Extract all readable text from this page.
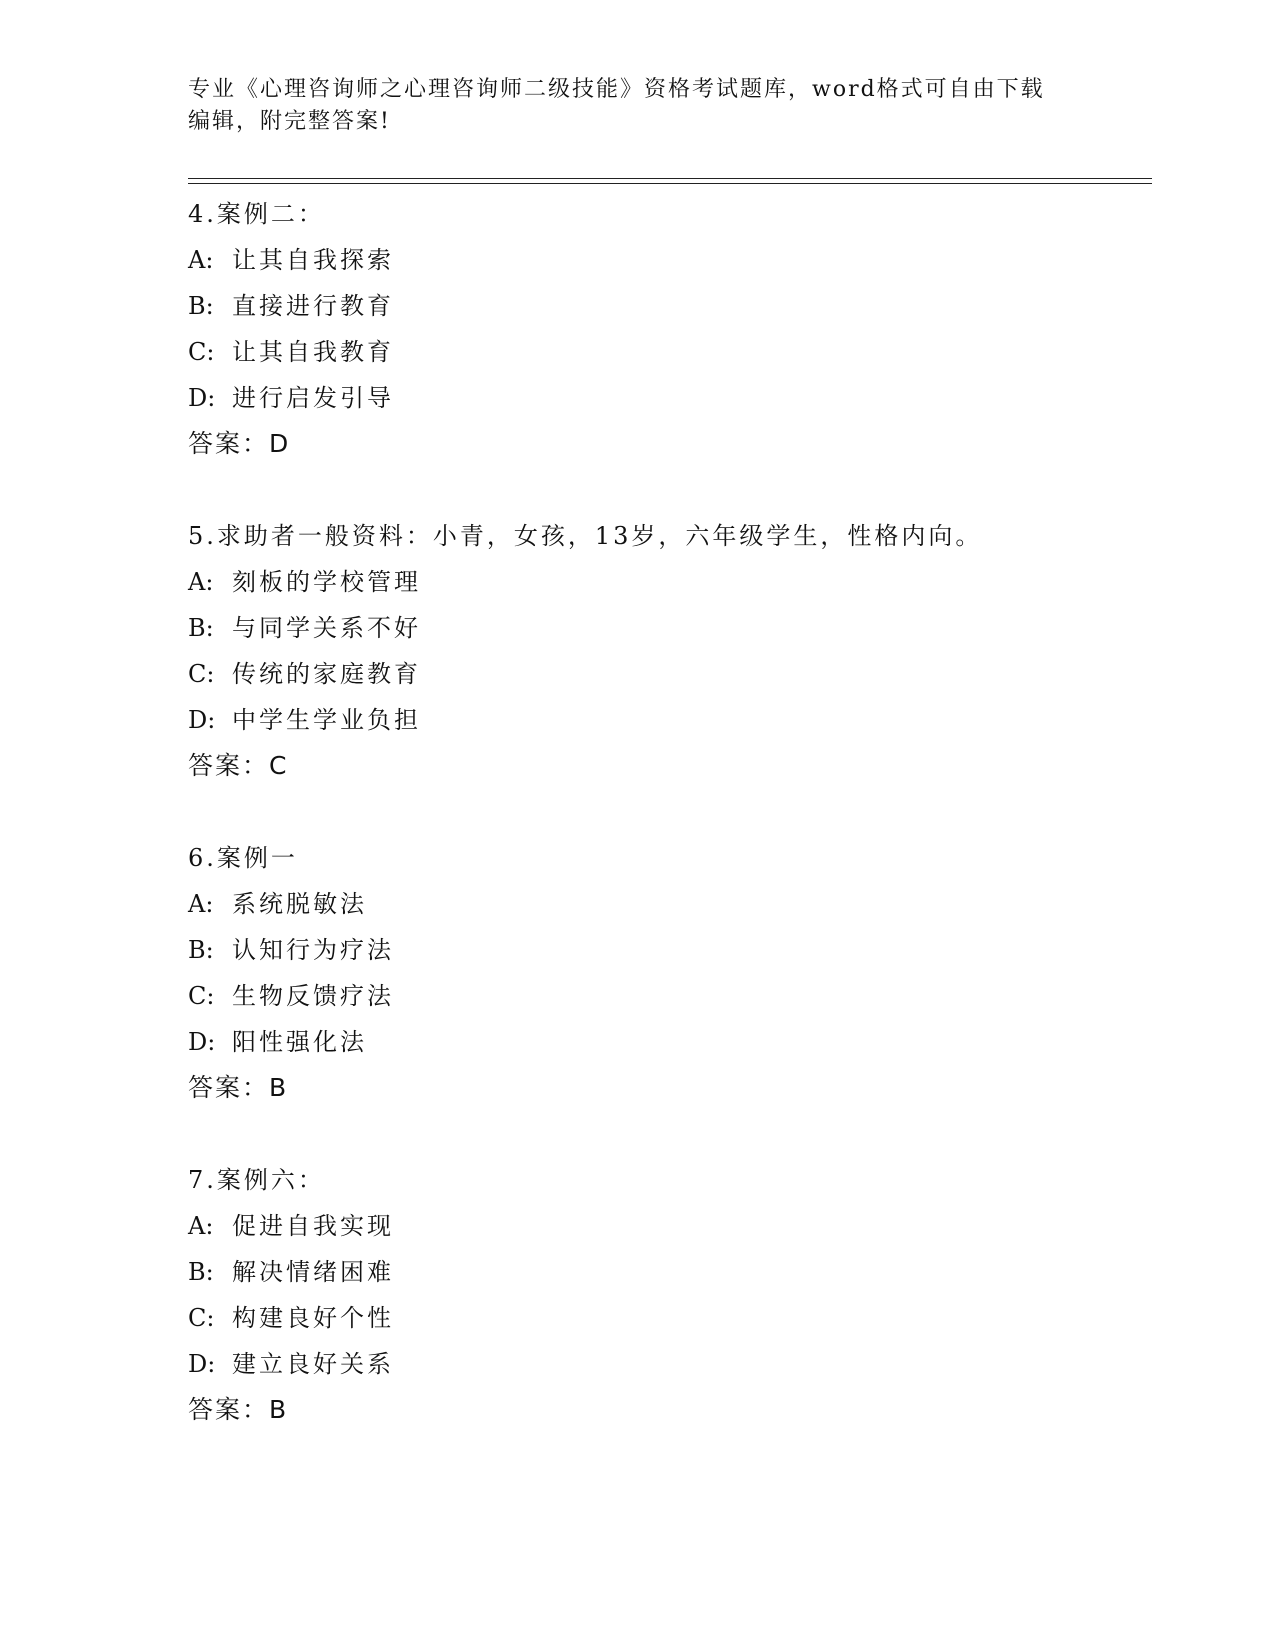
专业《心理咨询师之心理咨询师二级技能》资格考试题库，word格式可自由下载
编辑，附完整答案!

4.案例二：
A: 让其自我探索
B: 直接进行教育
C: 让其自我教育
D: 进行启发引导
答案：D
5.求助者一般资料：小青，女孩，13岁，六年级学生，性格内向。
A: 刻板的学校管理
B: 与同学关系不好
C: 传统的家庭教育
D: 中学生学业负担
答案：C
6.案例一
A: 系统脱敏法
B: 认知行为疗法
C: 生物反馈疗法
D: 阳性强化法
答案：B
7.案例六：
A: 促进自我实现
B: 解决情绪困难
C: 构建良好个性
D: 建立良好关系
答案：B
